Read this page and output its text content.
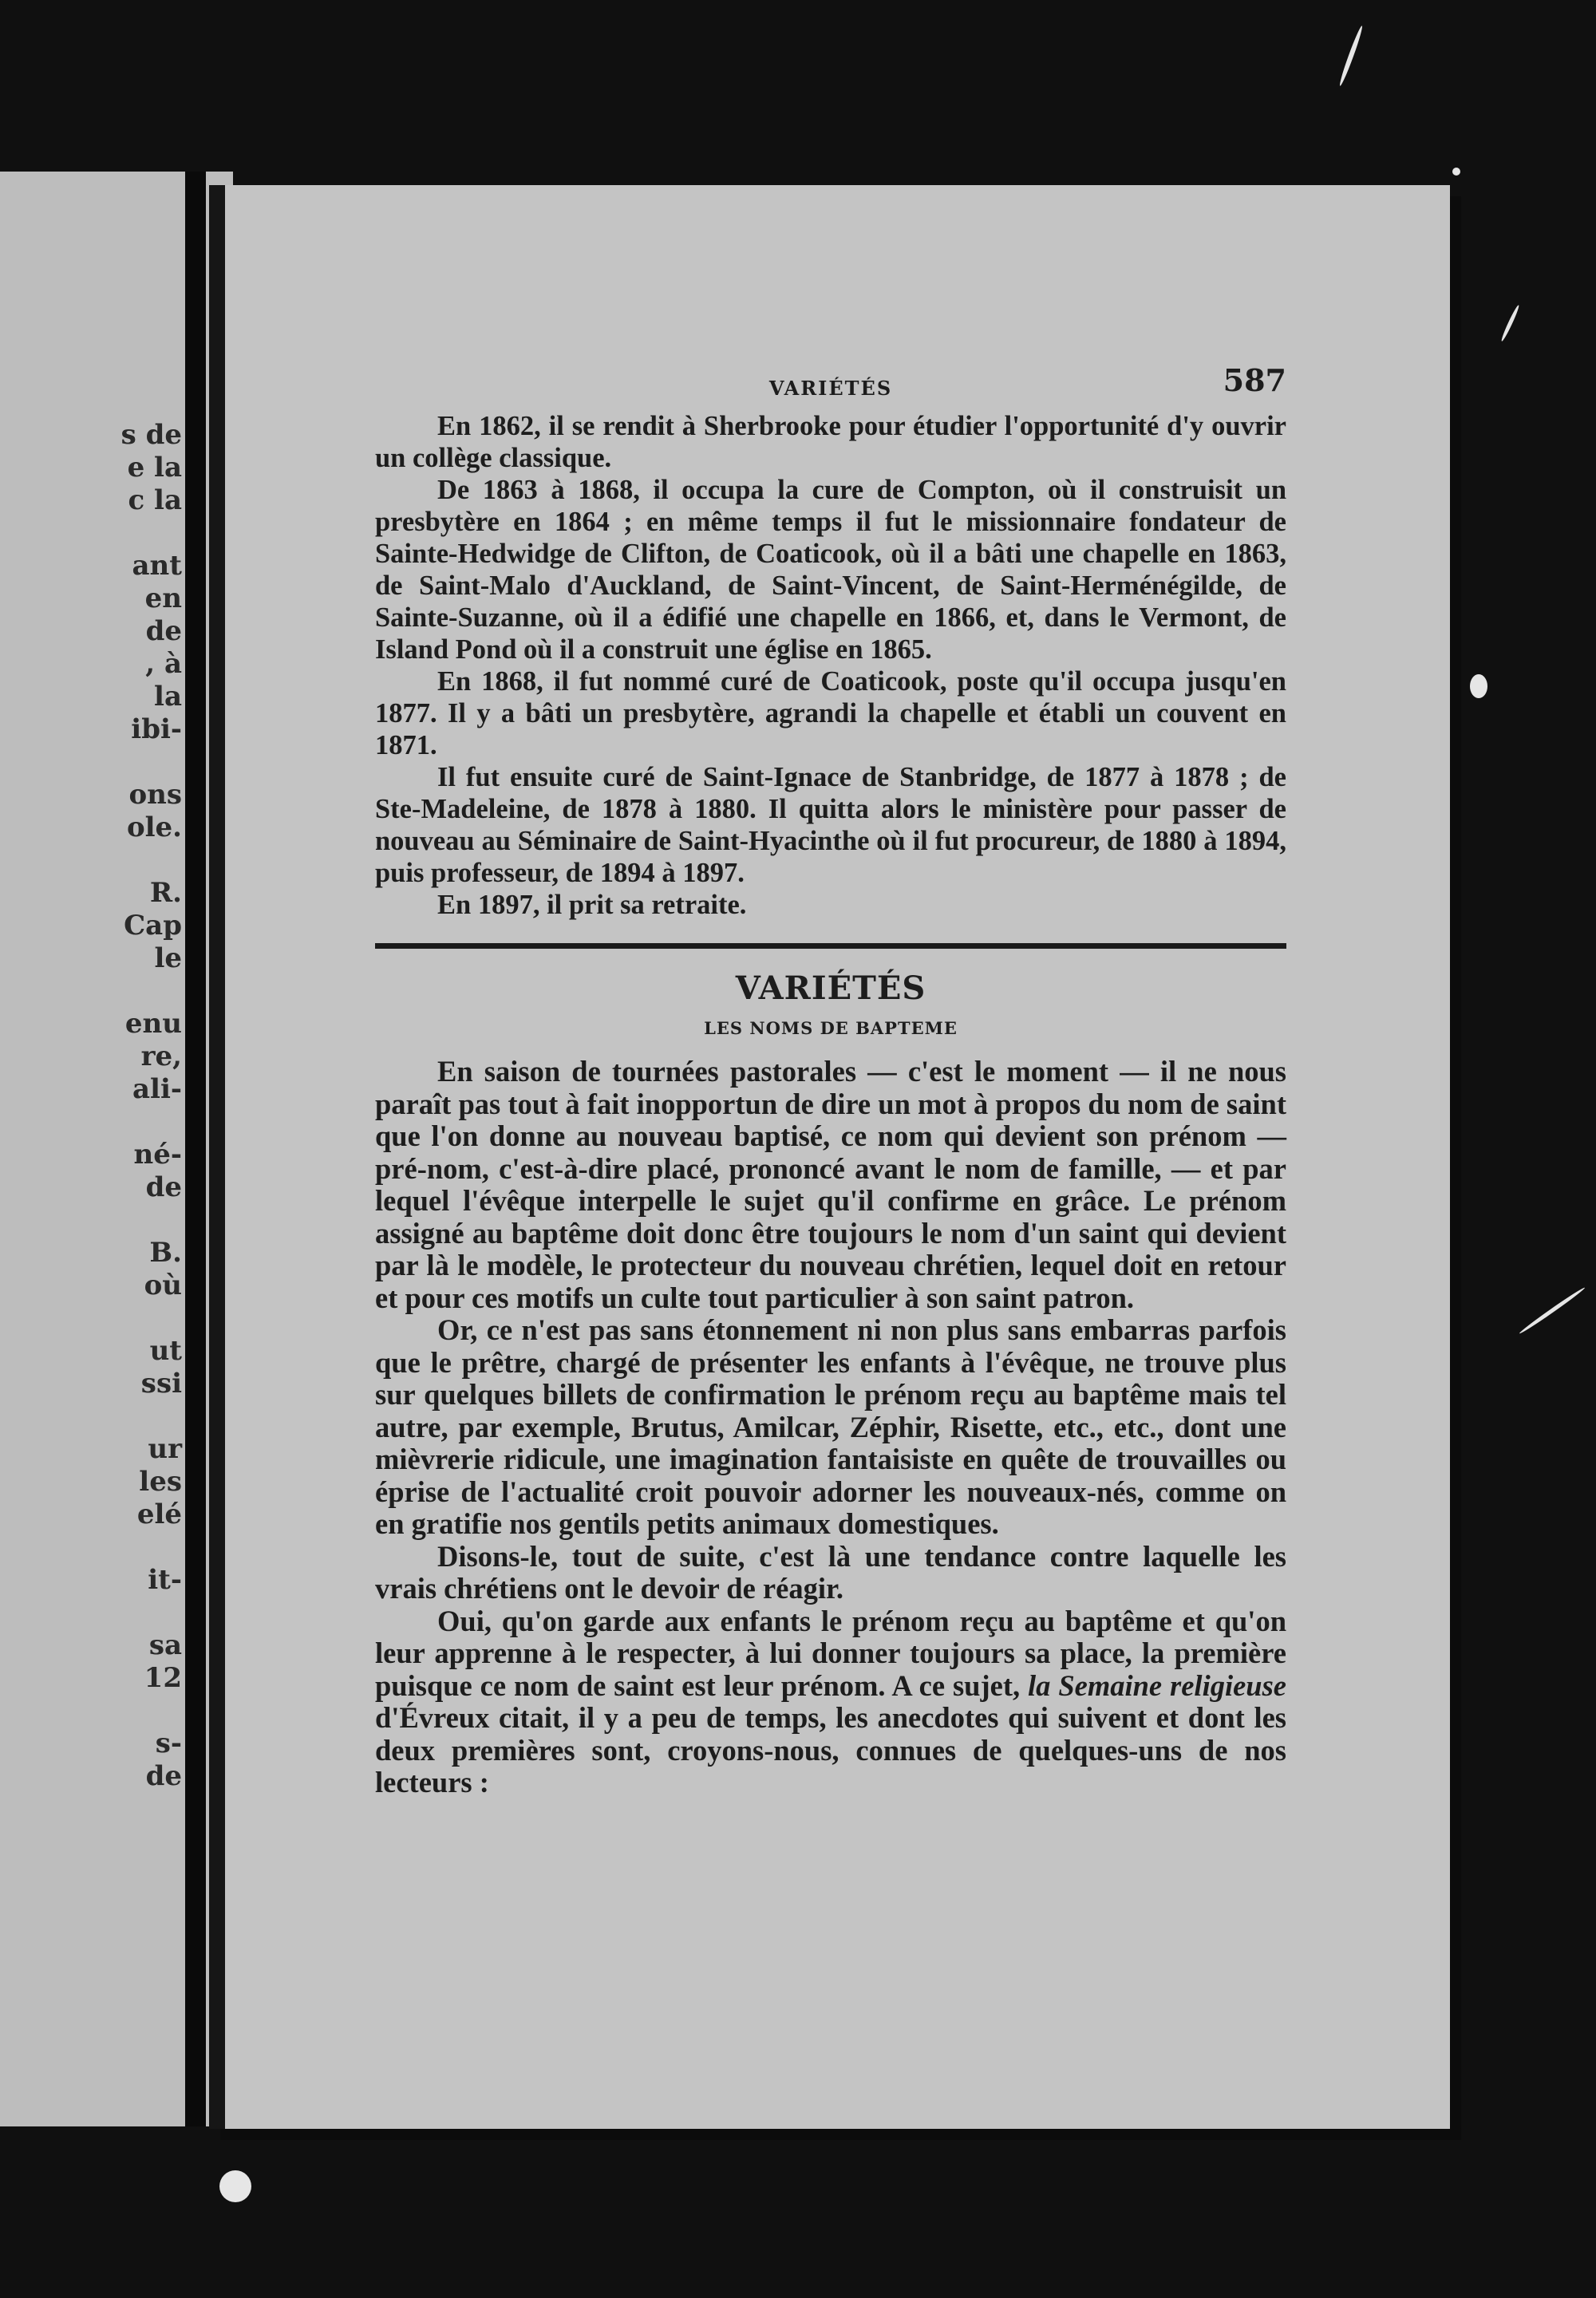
s de
e la
c la
ant
en
de
, à
la
ibi-
ons
ole.
R.
Cap
le
enu
re,
ali-
né-
de
B.
où
ut
ssi
ur
les
elé
it-
sa
12
s-
de
VARIÉTÉS	587

En 1862, il se rendit à Sherbrooke pour étudier l'opportunité d'y ouvrir un collège classique.

De 1863 à 1868, il occupa la cure de Compton, où il construisit un presbytère en 1864 ; en même temps il fut le missionnaire fondateur de Sainte-Hedwidge de Clifton, de Coaticook, où il a bâti une chapelle en 1863, de Saint-Malo d'Auckland, de Saint-Vincent, de Saint-Herménégilde, de Sainte-Suzanne, où il a édifié une chapelle en 1866, et, dans le Vermont, de Island Pond où il a construit une église en 1865.

En 1868, il fut nommé curé de Coaticook, poste qu'il occupa jusqu'en 1877. Il y a bâti un presbytère, agrandi la chapelle et établi un couvent en 1871.

Il fut ensuite curé de Saint-Ignace de Stanbridge, de 1877 à 1878 ; de Ste-Madeleine, de 1878 à 1880. Il quitta alors le ministère pour passer de nouveau au Séminaire de Saint-Hyacinthe où il fut procureur, de 1880 à 1894, puis professeur, de 1894 à 1897.

En 1897, il prit sa retraite.

VARIÉTÉS
LES NOMS DE BAPTEME

En saison de tournées pastorales — c'est le moment — il ne nous paraît pas tout à fait inopportun de dire un mot à propos du nom de saint que l'on donne au nouveau baptisé, ce nom qui devient son prénom — pré-nom, c'est-à-dire placé, prononcé avant le nom de famille, — et par lequel l'évêque interpelle le sujet qu'il confirme en grâce. Le prénom assigné au baptême doit donc être toujours le nom d'un saint qui devient par là le modèle, le protecteur du nouveau chrétien, lequel doit en retour et pour ces motifs un culte tout particulier à son saint patron.

Or, ce n'est pas sans étonnement ni non plus sans embarras parfois que le prêtre, chargé de présenter les enfants à l'évêque, ne trouve plus sur quelques billets de confirmation le prénom reçu au baptême mais tel autre, par exemple, Brutus, Amilcar, Zéphir, Risette, etc., etc., dont une mièvrerie ridicule, une imagination fantaisiste en quête de trouvailles ou éprise de l'actualité croit pouvoir adorner les nouveaux-nés, comme on en gratifie nos gentils petits animaux domestiques.

Disons-le, tout de suite, c'est là une tendance contre laquelle les vrais chrétiens ont le devoir de réagir.

Oui, qu'on garde aux enfants le prénom reçu au baptême et qu'on leur apprenne à le respecter, à lui donner toujours sa place, la première puisque ce nom de saint est leur prénom. A ce sujet, la Semaine religieuse d'Évreux citait, il y a peu de temps, les anecdotes qui suivent et dont les deux premières sont, croyons-nous, connues de quelques-uns de nos lecteurs :
